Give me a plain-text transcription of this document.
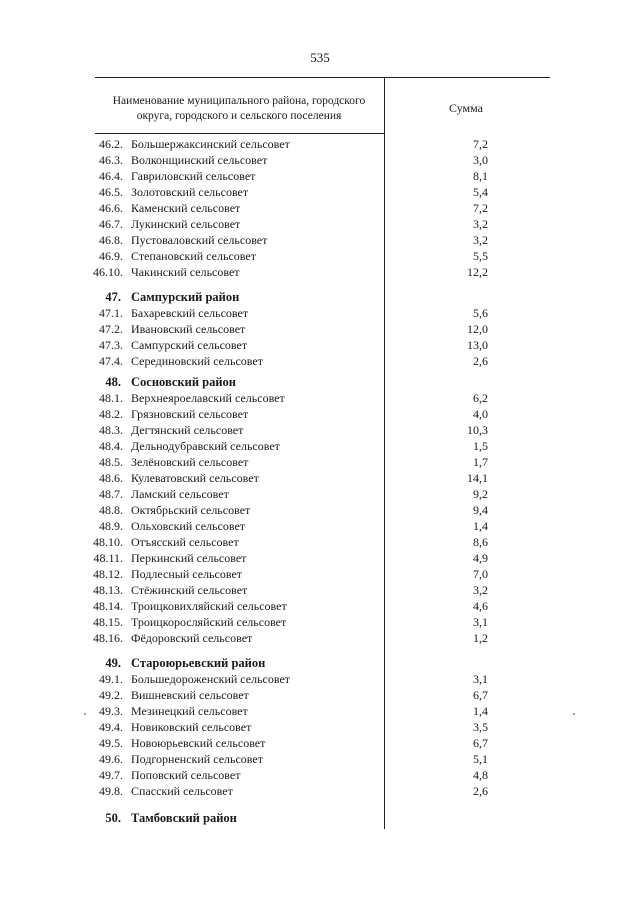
535
Наименование муниципального района, городского
округа, городского и сельского поселения
Сумма
46.2. Большержаксинский сельсовет	7,2
46.3. Волконщинский сельсовет	3,0
46.4. Гавриловский сельсовет	8,1
46.5. Золотовский сельсовет	5,4
46.6. Каменский сельсовет	7,2
46.7. Лукинский сельсовет	3,2
46.8. Пустоваловский сельсовет	3,2
46.9. Степановский сельсовет	5,5
46.10. Чакинский сельсовет	12,2
47. Сампурский район
47.1. Бахаревский сельсовет	5,6
47.2. Ивановский сельсовет	12,0
47.3. Сампурский сельсовет	13,0
47.4. Серединовский сельсовет	2,6
48. Сосновский район
48.1. Верхнеяроелавский сельсовет	6,2
48.2. Грязновский сельсовет	4,0
48.3. Дегтянский сельсовет	10,3
48.4. Дельнодубравский сельсовет	1,5
48.5. Зелёновский сельсовет	1,7
48.6. Кулеватовский сельсовет	14,1
48.7. Ламский сельсовет	9,2
48.8. Октябрьский сельсовет	9,4
48.9. Ольховский сельсовет	1,4
48.10. Отъясский сельсовет	8,6
48.11. Перкинский сельсовет	4,9
48.12. Подлесный сельсовет	7,0
48.13. Стёжинский сельсовет	3,2
48.14. Троицковихляйский сельсовет	4,6
48.15. Троицкоросляйский сельсовет	3,1
48.16. Фёдоровский сельсовет	1,2
49. Староюрьевский район
49.1. Большедороженский сельсовет	3,1
49.2. Вишневский сельсовет	6,7
49.3. Мезинецкий сельсовет	1,4
49.4. Новиковский сельсовет	3,5
49.5. Новоюрьевский сельсовет	6,7
49.6. Подгорненский сельсовет	5,1
49.7. Поповский сельсовет	4,8
49.8. Спасский сельсовет	2,6
50. Тамбовский район
